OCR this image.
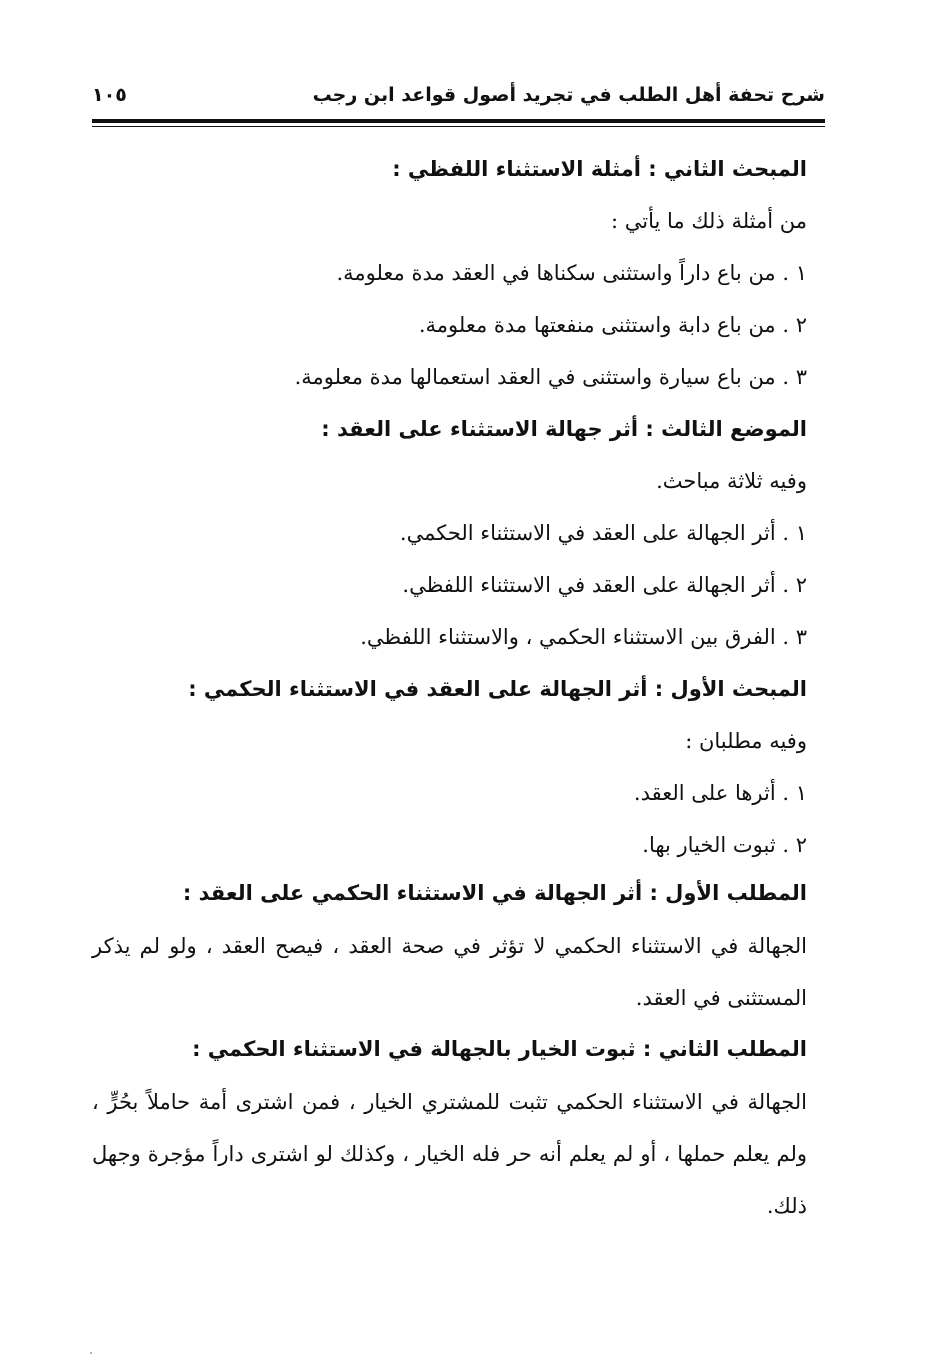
شرح تحفة أهل الطلب في تجريد أصول قواعد ابن رجب
١٠٥
المبحث الثاني : أمثلة الاستثناء اللفظي :
من أمثلة ذلك ما يأتي :
١ . من باع داراً واستثنى سكناها في العقد مدة معلومة.
٢ . من باع دابة واستثنى منفعتها مدة معلومة.
٣ . من باع سيارة واستثنى في العقد استعمالها مدة معلومة.
الموضع الثالث : أثر جهالة الاستثناء على العقد :
وفيه ثلاثة مباحث.
١ . أثر الجهالة على العقد في الاستثناء الحكمي.
٢ . أثر الجهالة على العقد في الاستثناء اللفظي.
٣ . الفرق بين الاستثناء الحكمي ، والاستثناء اللفظي.
المبحث الأول : أثر الجهالة على العقد في الاستثناء الحكمي :
وفيه مطلبان :
١ . أثرها على العقد.
٢ . ثبوت الخيار بها.
المطلب الأول : أثر الجهالة في الاستثناء الحكمي على العقد :
الجهالة في الاستثناء الحكمي لا تؤثر في صحة العقد ، فيصح العقد ، ولو لم يذكر المستثنى في العقد.
المطلب الثاني : ثبوت الخيار بالجهالة في الاستثناء الحكمي :
الجهالة في الاستثناء الحكمي تثبت للمشتري الخيار ، فمن اشترى أمة حاملاً بحُرٍّ ، ولم يعلم حملها ، أو لم يعلم أنه حر فله الخيار ، وكذلك لو اشترى داراً مؤجرة وجهل ذلك.
